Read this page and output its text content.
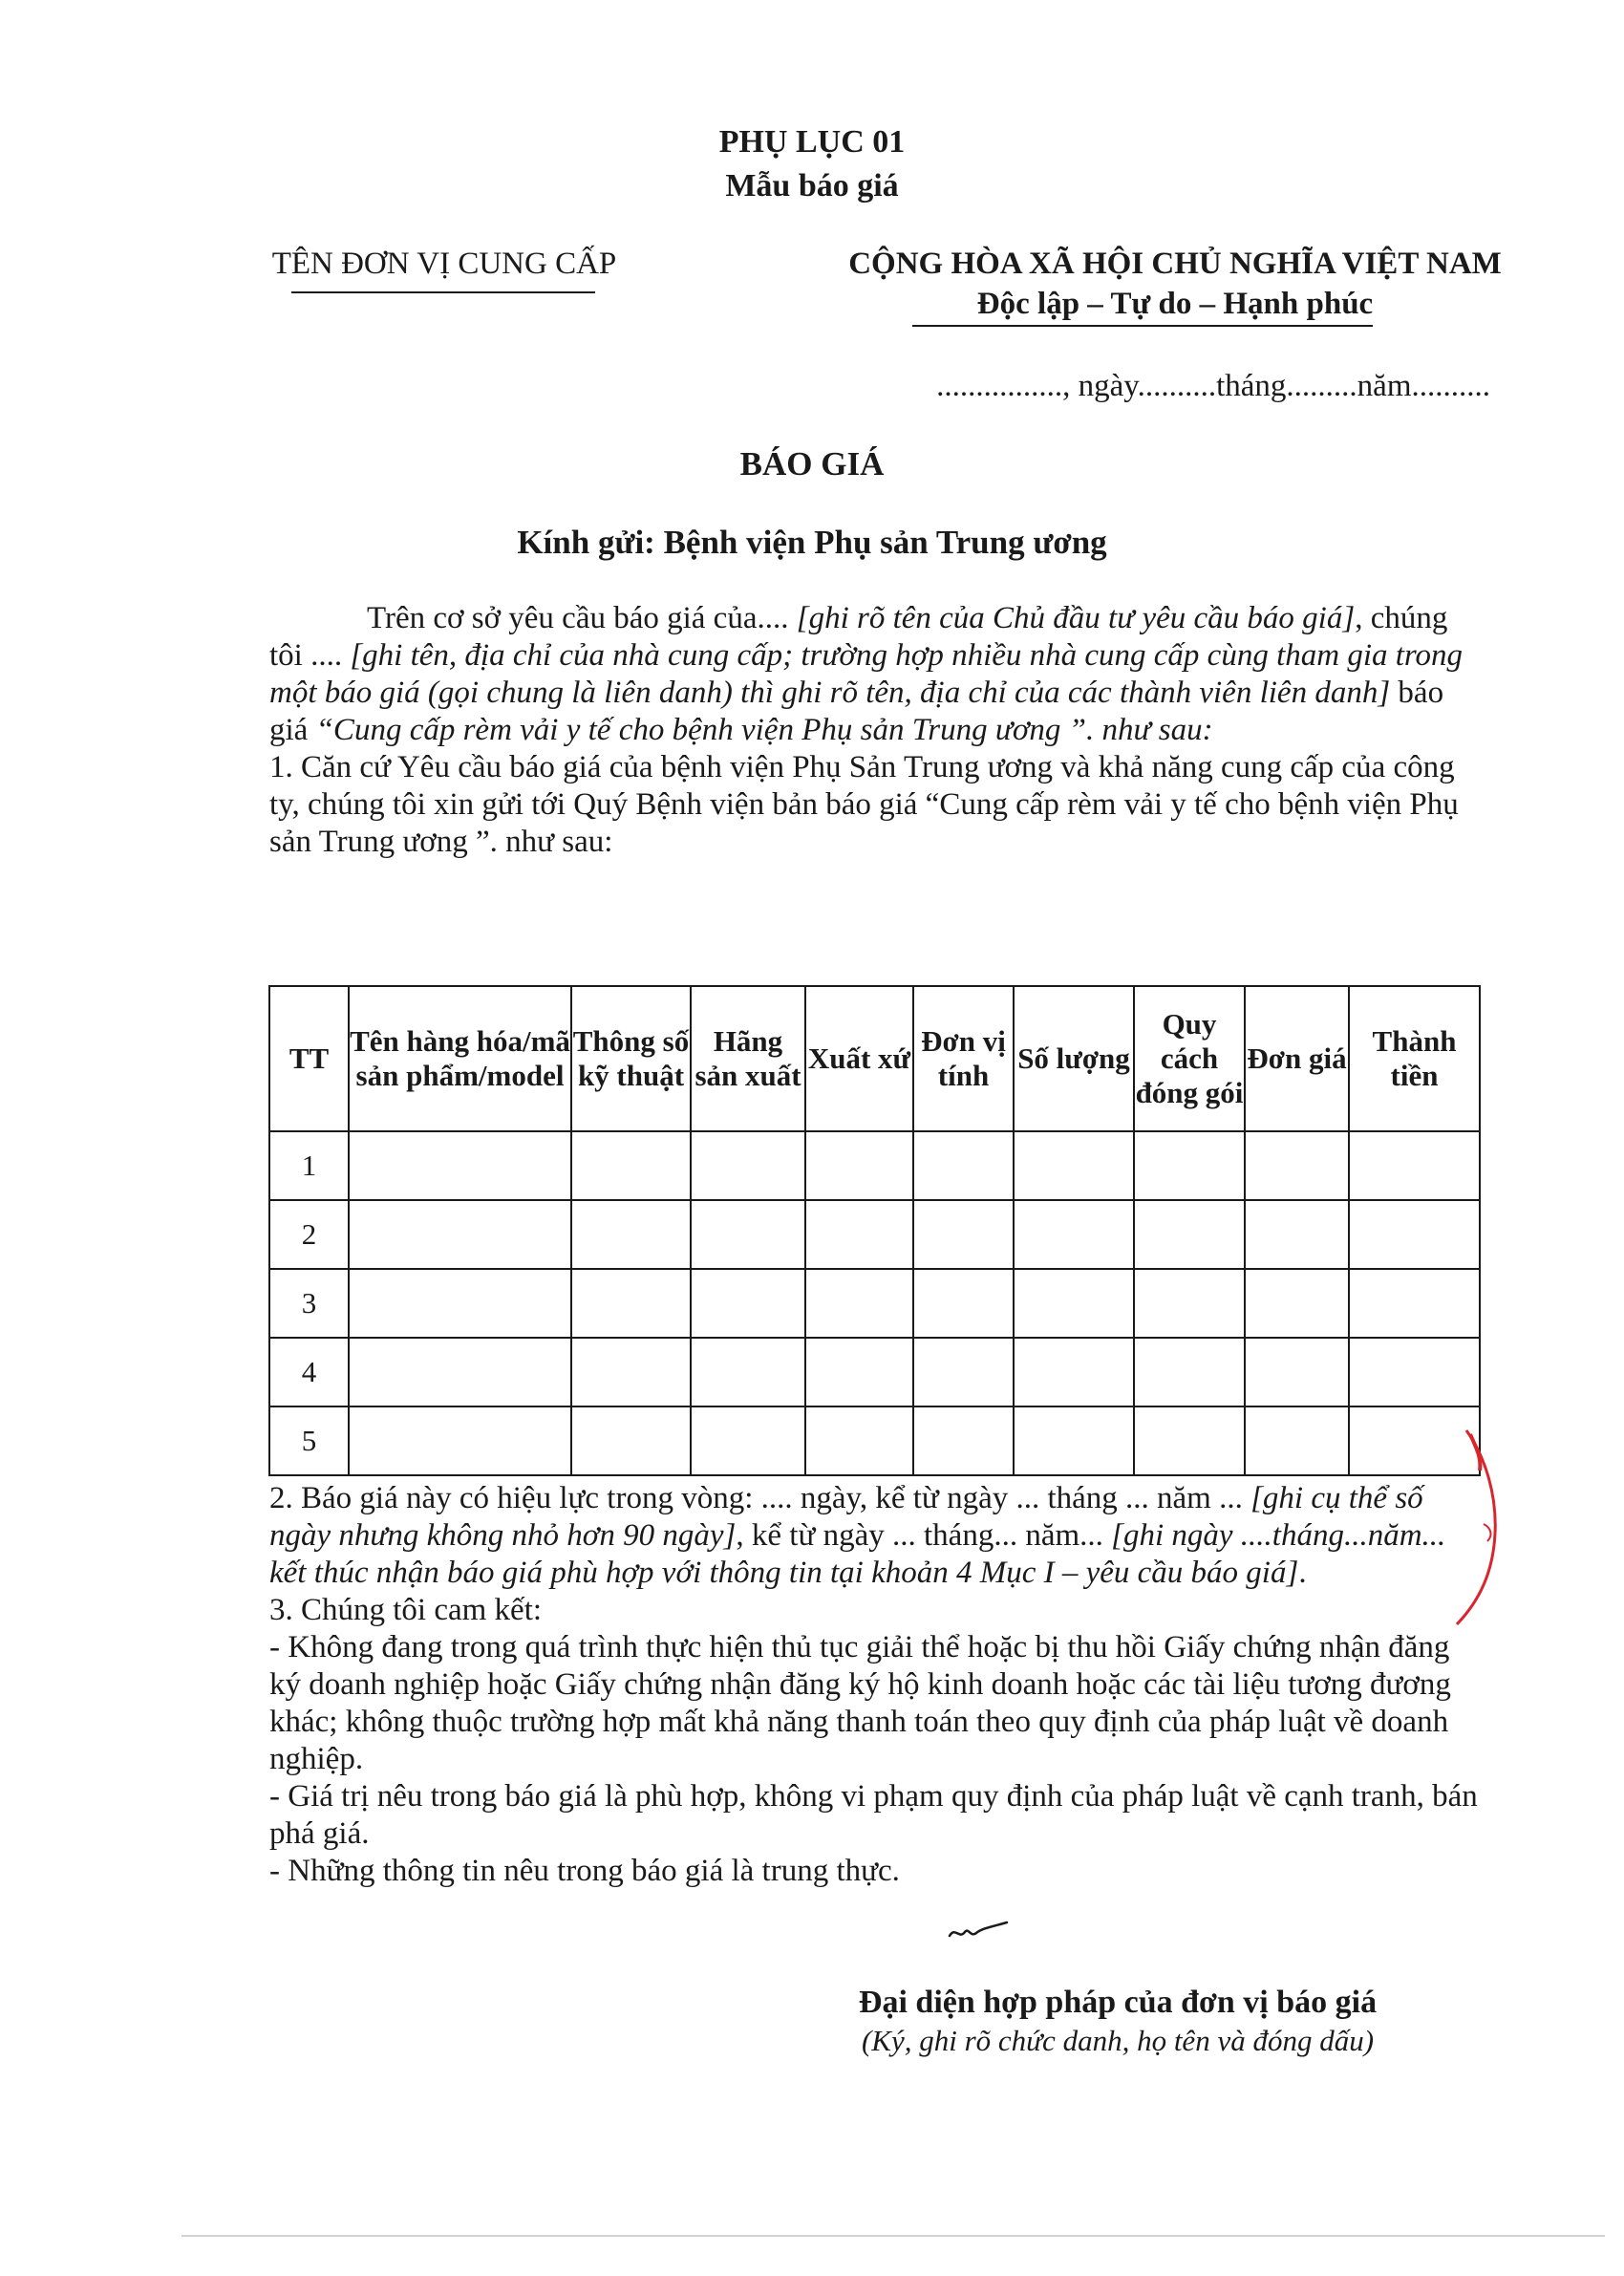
PHỤ LỤC 01
Mẫu báo giá
TÊN ĐƠN VỊ CUNG CẤP	CỘNG HÒA XÃ HỘI CHỦ NGHĨA VIỆT NAM
Độc lập – Tự do – Hạnh phúc
................, ngày..........tháng.........năm..........
BÁO GIÁ
Kính gửi: Bệnh viện Phụ sản Trung ương

Trên cơ sở yêu cầu báo giá của.... [ghi rõ tên của Chủ đầu tư yêu cầu báo giá], chúng tôi .... [ghi tên, địa chỉ của nhà cung cấp; trường hợp nhiều nhà cung cấp cùng tham gia trong một báo giá (gọi chung là liên danh) thì ghi rõ tên, địa chỉ của các thành viên liên danh] báo giá “Cung cấp rèm vải y tế cho bệnh viện Phụ sản Trung ương ”. như sau:

1. Căn cứ Yêu cầu báo giá của bệnh viện Phụ Sản Trung ương và khả năng cung cấp của công ty, chúng tôi xin gửi tới Quý Bệnh viện bản báo giá “Cung cấp rèm vải y tế cho bệnh viện Phụ sản Trung ương ”. như sau:

TT	Tên hàng hóa/mã sản phẩm/model	Thông số kỹ thuật	Hãng sản xuất	Xuất xứ	Đơn vị tính	Số lượng	Quy cách đóng gói	Đơn giá	Thành tiền
1									
2									
3									
4									
5									

2. Báo giá này có hiệu lực trong vòng: .... ngày, kể từ ngày ... tháng ... năm ... [ghi cụ thể số ngày nhưng không nhỏ hơn 90 ngày], kể từ ngày ... tháng... năm... [ghi ngày ....tháng...năm... kết thúc nhận báo giá phù hợp với thông tin tại khoản 4 Mục I – yêu cầu báo giá].

3. Chúng tôi cam kết:

- Không đang trong quá trình thực hiện thủ tục giải thể hoặc bị thu hồi Giấy chứng nhận đăng ký doanh nghiệp hoặc Giấy chứng nhận đăng ký hộ kinh doanh hoặc các tài liệu tương đương khác; không thuộc trường hợp mất khả năng thanh toán theo quy định của pháp luật về doanh nghiệp.

- Giá trị nêu trong báo giá là phù hợp, không vi phạm quy định của pháp luật về cạnh tranh, bán phá giá.

- Những thông tin nêu trong báo giá là trung thực.

Đại diện hợp pháp của đơn vị báo giá
(Ký, ghi rõ chức danh, họ tên và đóng dấu)
